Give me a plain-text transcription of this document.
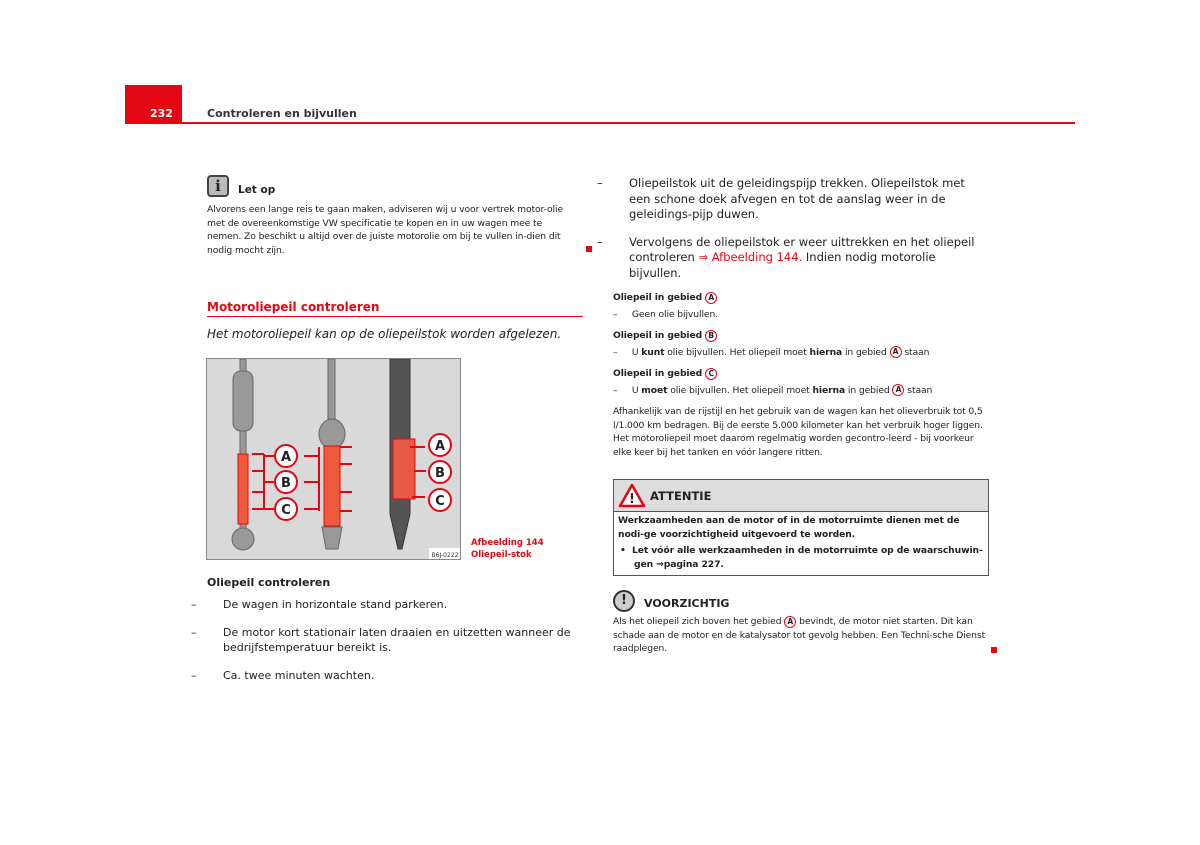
232	Controleren en bijvullen
i	Let op
Alvorens een lange reis te gaan maken, adviseren wij u voor vertrek motor-olie met de overeenkomstige VW specificatie te kopen en in uw wagen mee te nemen. Zo beschikt u altijd over de juiste motorolie om bij te vullen in-dien dit nodig mocht zijn.
Motoroliepeil controleren
Het motoroliepeil kan op de oliepeilstok worden afgelezen.
A
B
C
A
B
C
B6J-0222
Afbeelding 144 Oliepeil-stok
Oliepeil controleren
– De wagen in horizontale stand parkeren.
– De motor kort stationair laten draaien en uitzetten wanneer de bedrijfstemperatuur bereikt is.
– Ca. twee minuten wachten.
– Oliepeilstok uit de geleidingspijp trekken. Oliepeilstok met een schone doek afvegen en tot de aanslag weer in de geleidings-pijp duwen.
– Vervolgens de oliepeilstok er weer uittrekken en het oliepeil controleren ⇒ Afbeelding 144. Indien nodig motorolie bijvullen.
Oliepeil in gebied A
– Geen olie bijvullen.
Oliepeil in gebied B
– U kunt olie bijvullen. Het oliepeil moet hierna in gebied A staan
Oliepeil in gebied C
– U moet olie bijvullen. Het oliepeil moet hierna in gebied A staan
Afhankelijk van de rijstijl en het gebruik van de wagen kan het olieverbruik tot 0,5 l/1.000 km bedragen. Bij de eerste 5.000 kilometer kan het verbruik hoger liggen. Het motoroliepeil moet daarom regelmatig worden gecontro-leerd - bij voorkeur elke keer bij het tanken en vóór langere ritten.
! ATTENTIE
Werkzaamheden aan de motor of in de motorruimte dienen met de nodi-ge voorzichtigheid uitgevoerd te worden.
•  Let vóór alle werkzaamheden in de motorruimte op de waarschuwin-gen ⇒pagina 227.
!	VOORZICHTIG
Als het oliepeil zich boven het gebied A bevindt, de motor niet starten. Dit kan schade aan de motor en de katalysator tot gevolg hebben. Een Techni-sche Dienst raadplegen.
